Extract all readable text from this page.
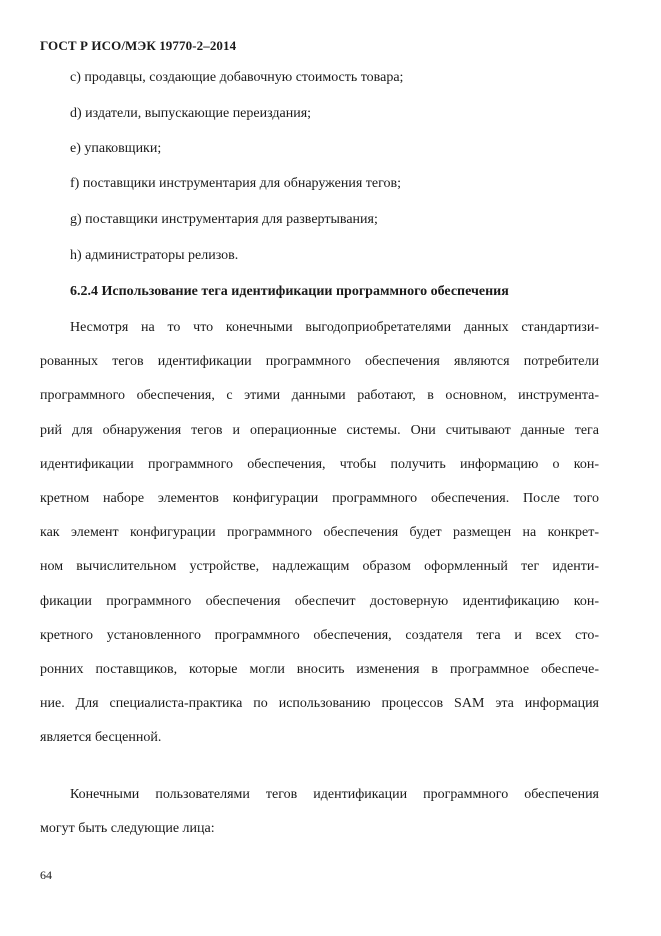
ГОСТ Р ИСО/МЭК 19770-2–2014
c) продавцы, создающие добавочную стоимость товара;
d) издатели, выпускающие переиздания;
e) упаковщики;
f) поставщики инструментария для обнаружения тегов;
g) поставщики инструментария для развертывания;
h) администраторы релизов.
6.2.4 Использование тега идентификации программного обеспечения
Несмотря на то что конечными выгодоприобретателями данных стандартизи-
рованных тегов идентификации программного обеспечения являются потребители
программного обеспечения, с этими данными работают, в основном, инструмента-
рий для обнаружения тегов и операционные системы. Они считывают данные тега
идентификации программного обеспечения, чтобы получить информацию о кон-
кретном наборе элементов конфигурации программного обеспечения. После того
как элемент конфигурации программного обеспечения будет размещен на конкрет-
ном вычислительном устройстве, надлежащим образом оформленный тег иденти-
фикации программного обеспечения обеспечит достоверную идентификацию кон-
кретного установленного программного обеспечения, создателя тега и всех сто-
ронних поставщиков, которые могли вносить изменения в программное обеспече-
ние. Для специалиста-практика по использованию процессов SAM эта информация
является бесценной.
Конечными пользователями тегов идентификации программного обеспечения
могут быть следующие лица:
64
